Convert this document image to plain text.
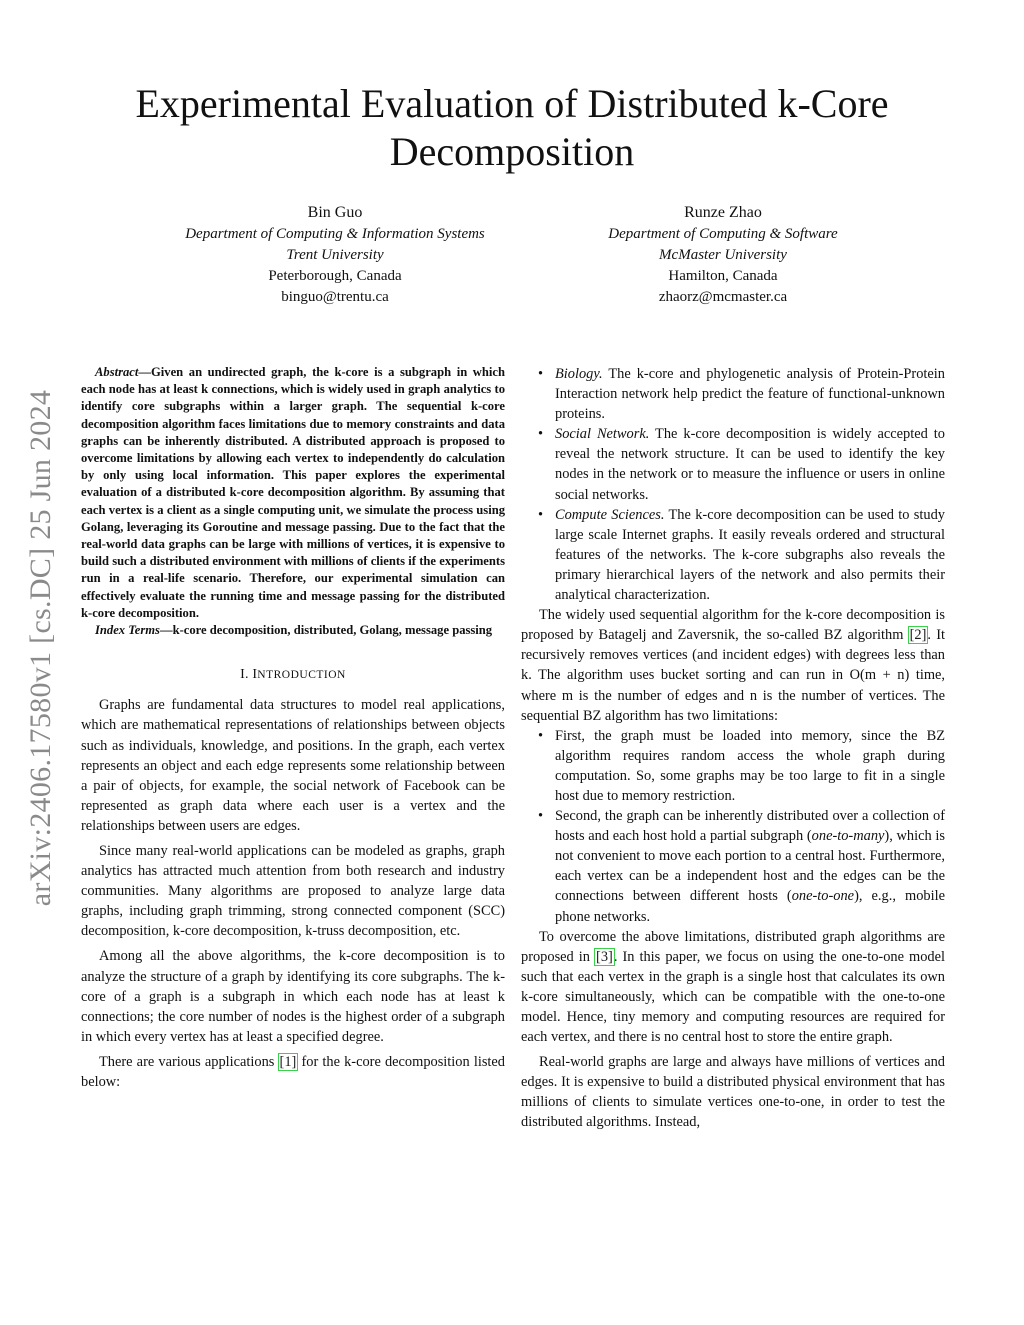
arXiv:2406.17580v1 [cs.DC] 25 Jun 2024
Experimental Evaluation of Distributed k-Core Decomposition
Bin Guo
Department of Computing & Information Systems
Trent University
Peterborough, Canada
binguo@trentu.ca
Runze Zhao
Department of Computing & Software
McMaster University
Hamilton, Canada
zhaorz@mcmaster.ca

Abstract—Given an undirected graph, the k-core is a subgraph in which each node has at least k connections, which is widely used in graph analytics to identify core subgraphs within a larger graph. The sequential k-core decomposition algorithm faces limitations due to memory constraints and data graphs can be inherently distributed. A distributed approach is proposed to overcome limitations by allowing each vertex to independently do calculation by only using local information. This paper explores the experimental evaluation of a distributed k-core decomposition algorithm. By assuming that each vertex is a client as a single computing unit, we simulate the process using Golang, leveraging its Goroutine and message passing. Due to the fact that the real-world data graphs can be large with millions of vertices, it is expensive to build such a distributed environment with millions of clients if the experiments run in a real-life scenario. Therefore, our experimental simulation can effectively evaluate the running time and message passing for the distributed k-core decomposition.

Index Terms—k-core decomposition, distributed, Golang, message passing

I. INTRODUCTION

Graphs are fundamental data structures to model real applications, which are mathematical representations of relationships between objects such as individuals, knowledge, and positions. In the graph, each vertex represents an object and each edge represents some relationship between a pair of objects, for example, the social network of Facebook can be represented as graph data where each user is a vertex and the relationships between users are edges.

Since many real-world applications can be modeled as graphs, graph analytics has attracted much attention from both research and industry communities. Many algorithms are proposed to analyze large data graphs, including graph trimming, strong connected component (SCC) decomposition, k-core decomposition, k-truss decomposition, etc.

Among all the above algorithms, the k-core decomposition is to analyze the structure of a graph by identifying its core subgraphs. The k-core of a graph is a subgraph in which each node has at least k connections; the core number of nodes is the highest order of a subgraph in which every vertex has at least a specified degree.

There are various applications [1] for the k-core decomposition listed below:

• Biology. The k-core and phylogenetic analysis of Protein-Protein Interaction network help predict the feature of functional-unknown proteins.
• Social Network. The k-core decomposition is widely accepted to reveal the network structure. It can be used to identify the key nodes in the network or to measure the influence or users in online social networks.
• Compute Sciences. The k-core decomposition can be used to study large scale Internet graphs. It easily reveals ordered and structural features of the networks. The k-core subgraphs also reveals the primary hierarchical layers of the network and also permits their analytical characterization.

The widely used sequential algorithm for the k-core decomposition is proposed by Batagelj and Zaversnik, the so-called BZ algorithm [2]. It recursively removes vertices (and incident edges) with degrees less than k. The algorithm uses bucket sorting and can run in O(m + n) time, where m is the number of edges and n is the number of vertices. The sequential BZ algorithm has two limitations:

• First, the graph must be loaded into memory, since the BZ algorithm requires random access the whole graph during computation. So, some graphs may be too large to fit in a single host due to memory restriction.
• Second, the graph can be inherently distributed over a collection of hosts and each host hold a partial subgraph (one-to-many), which is not convenient to move each portion to a central host. Furthermore, each vertex can be a independent host and the edges can be the connections between different hosts (one-to-one), e.g., mobile phone networks.

To overcome the above limitations, distributed graph algorithms are proposed in [3]. In this paper, we focus on using the one-to-one model such that each vertex in the graph is a single host that calculates its own k-core simultaneously, which can be compatible with the one-to-one model. Hence, tiny memory and computing resources are required for each vertex, and there is no central host to store the entire graph.

Real-world graphs are large and always have millions of vertices and edges. It is expensive to build a distributed physical environment that has millions of clients to simulate vertices one-to-one, in order to test the distributed algorithms. Instead,
